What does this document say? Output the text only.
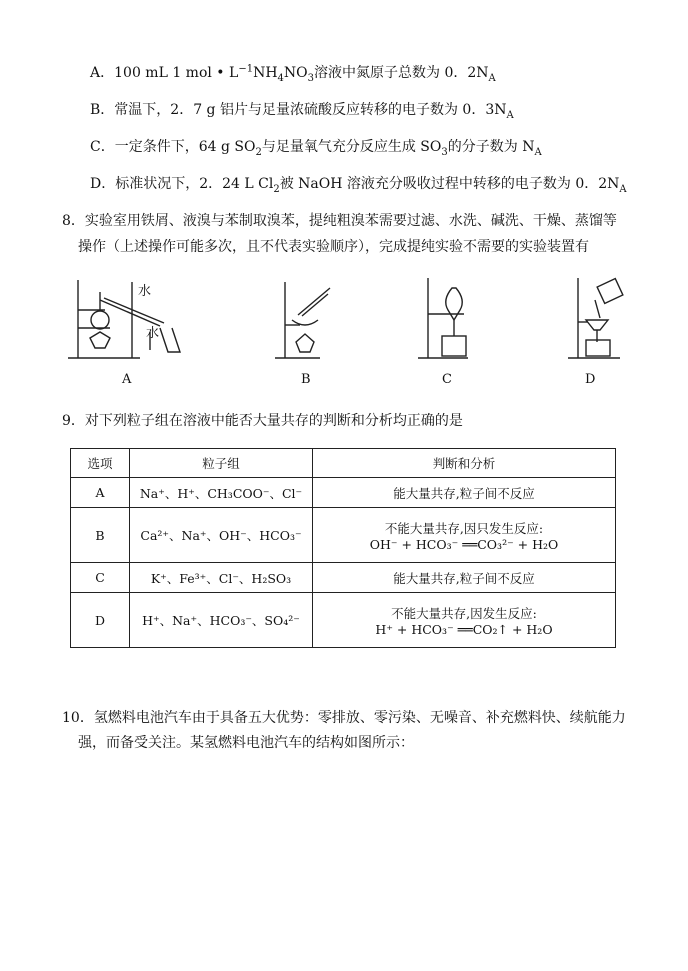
A．100 mL 1 mol • $L^{-1}NH_4NO_3$溶液中氮原子总数为 0．$2N_A$
B．常温下，2．7 g 铝片与足量浓硫酸反应转移的电子数为 0．$3N_A$
C．一定条件下，64 g $SO_2$与足量氧气充分反应生成 $SO_3$的分子数为 $N_A$
D．标准状况下，2．24 L $Cl_2$被 NaOH 溶液充分吸收过程中转移的电子数为 0．$2N_A$
8．实验室用铁屑、液溴与苯制取溴苯，提纯粗溴苯需要过滤、水洗、碱洗、干燥、蒸馏等
操作（上述操作可能多次，且不代表实验顺序），完成提纯实验不需要的实验装置有
水
水
A	B	C	D
9．对下列粒子组在溶液中能否大量共存的判断和分析均正确的是
选项	粒子组	判断和分析
A	Na⁺、H⁺、CH₃COO⁻、Cl⁻	能大量共存,粒子间不反应

B	Ca²⁺、Na⁺、OH⁻、HCO₃⁻	不能大量共存,因只发生反应:
OH⁻ + HCO₃⁻ ══CO₃²⁻ + H₂O

C	K⁺、Fe³⁺、Cl⁻、H₂SO₃	能大量共存,粒子间不反应

D	H⁺、Na⁺、HCO₃⁻、SO₄²⁻	不能大量共存,因发生反应:
H⁺ + HCO₃⁻ ══CO₂↑ + H₂O
10．氢燃料电池汽车由于具备五大优势：零排放、零污染、无噪音、补充燃料快、续航能力
强，而备受关注。某氢燃料电池汽车的结构如图所示：
